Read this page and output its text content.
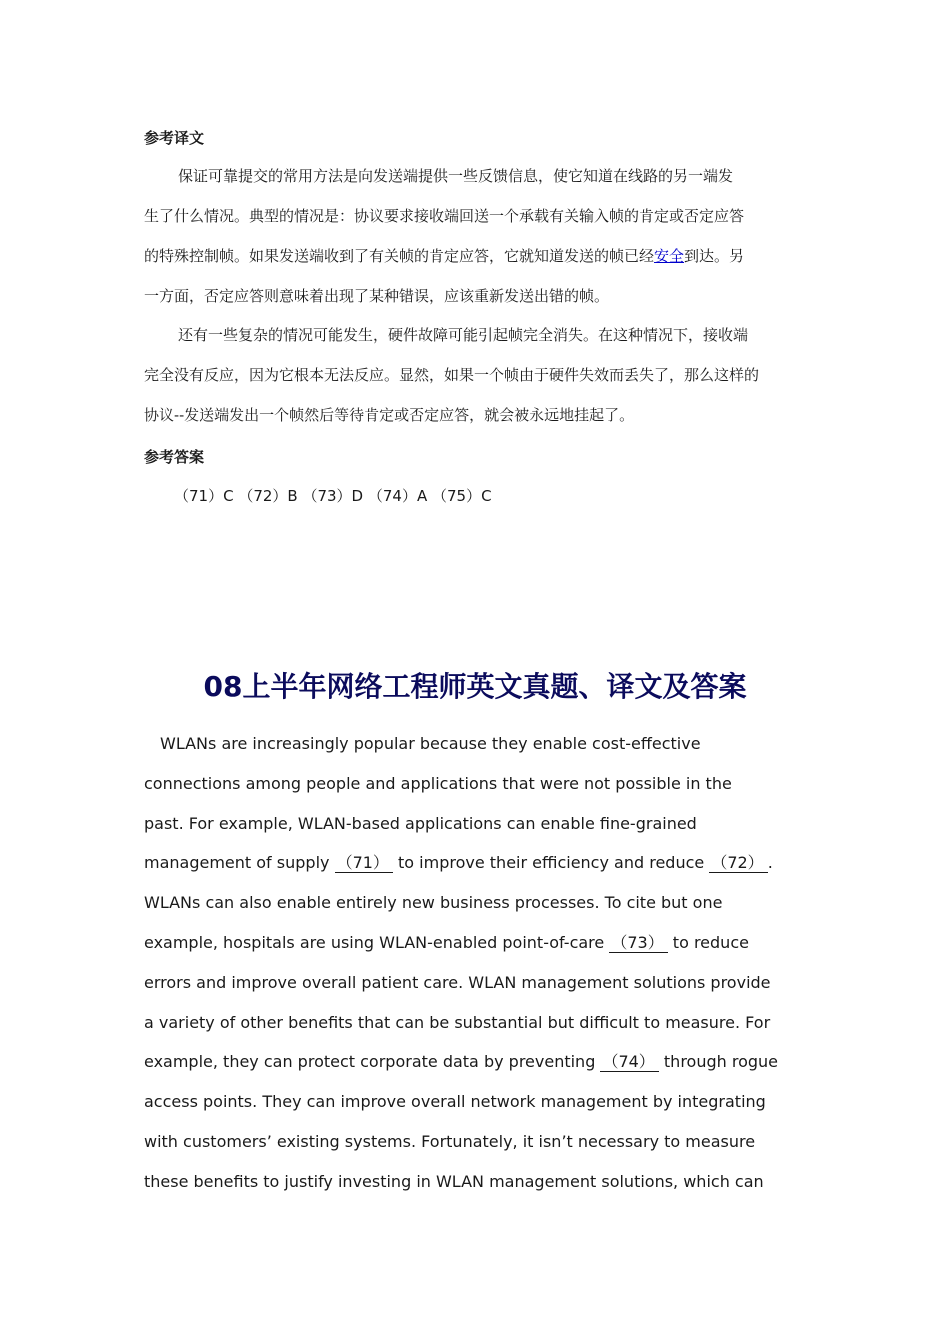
参考译文
保证可靠提交的常用方法是向发送端提供一些反馈信息，使它知道在线路的另一端发
生了什么情况。典型的情况是：协议要求接收端回送一个承载有关输入帧的肯定或否定应答
的特殊控制帧。如果发送端收到了有关帧的肯定应答，它就知道发送的帧已经安全到达。另
一方面，否定应答则意味着出现了某种错误，应该重新发送出错的帧。
还有一些复杂的情况可能发生，硬件故障可能引起帧完全消失。在这种情况下，接收端
完全没有反应，因为它根本无法反应。显然，如果一个帧由于硬件失效而丢失了，那么这样的
协议--发送端发出一个帧然后等待肯定或否定应答，就会被永远地挂起了。
参考答案
（71）C （72）B （73）D （74）A （75）C
08上半年网络工程师英文真题、译文及答案
WLANs are increasingly popular because they enable cost-effective
connections among people and applications that were not possible in the
past. For example, WLAN-based applications can enable fine-grained
management of supply （71） to improve their efficiency and reduce （72） .
WLANs can also enable entirely new business processes. To cite but one
example, hospitals are using WLAN-enabled point-of-care （73） to reduce
errors and improve overall patient care. WLAN management solutions provide
a variety of other benefits that can be substantial but difficult to measure. For
example, they can protect corporate data by preventing （74） through rogue
access points. They can improve overall network management by integrating
with customers’ existing systems. Fortunately, it isn’t necessary to measure
these benefits to justify investing in WLAN management solutions, which can
